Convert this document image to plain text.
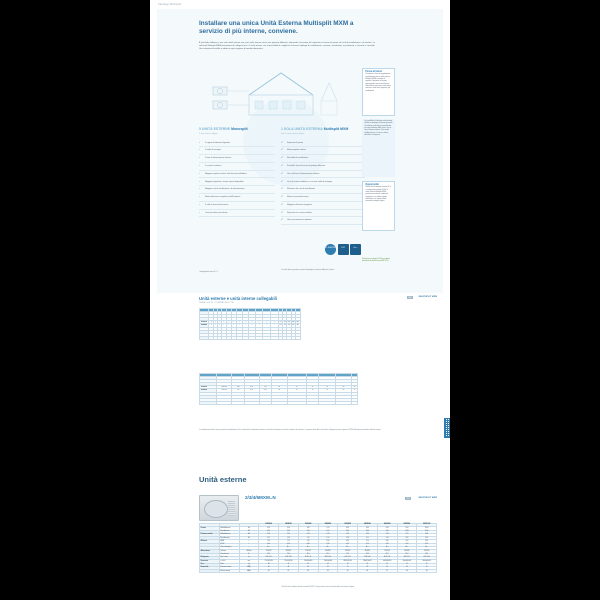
Catalogo Multisplit
Installare una unica Unità Esterna Multisplit MXM a servizio di più interne, conviene.
È possibile abbinare a una sola unità esterna una o più unità interne anche con potenze differenti, ottenendo il massimo del risparmio in termini di spazio, di costi di installazione e di estetica. Le soluzioni Multisplit MXM permettono di collegare fino a 5 unità interne con la possibilità di scegliere tra diverse tipologie di installazione: a parete, canalizzate, a pavimento, a cassetta e consolle. Una soluzione flessibile e adatta a ogni esigenza di comfort domestico.
5 UNITÀ ESTERNE Monosplit
5 unità interne collegate
›	5 coppie di tubazioni frigorifere
›	5 staffe di sostegno
›	5 linee di alimentazione elettrica
›	5 scarichi condensa
›	Maggiore impatto estetico sulla facciata dell'edificio
›	Maggiore ingombro e minore spazio disponibile
›	Maggiori costi di installazione e di manutenzione
›	Minore efficienza complessiva dell'impianto
›	5 volte la rumorosità esterna
›	Consumi elettrici più elevati
1 SOLA UNITÀ ESTERNA Multisplit MXM
fino a 5 unità interne collegate
✔	Risparmio di spazio
✔	Minore impatto estetico
✔	Flessibilità di installazione
✔	Possibilità di unità interne di tipologie differenti
✔	Una sola linea di alimentazione elettrica
✔	Un solo scarico condensa e una sola staffa di sostegno
✔	Riduzione dei costi di installazione
✔	Minore rumorosità esterna
✔	Maggiore efficienza energetica
✔	Risparmio sui consumi elettrici
✔	Unica manutenzione ordinaria
Pensa al futuro
Prevedere in fase di progettazione l'installazione di una unità esterna Multisplit MXM consente di ampliare l'impianto nel tempo, aggiungendo nuove unità interne senza dover intervenire sulle opere murarie e sulle linee frigorifere già predisposte.
La possibilità di collegare unità interne di diversa tipologia e potenza permette di realizzare soluzioni personalizzate per ogni ambiente della casa, con un unico sistema esterno. Una scelta intelligente per chi cerca comfort, efficienza e risparmio.
Opportunità
Grazie alla tecnologia inverter DC e ai refrigeranti ecologici R-32, le unità esterne Multisplit MXM garantiscono elevati rendimenti stagionali e un ridotto impatto ambientale, nel rispetto delle normative europee vigenti.
DC INVERTER	R-32	A+++
Refrigerante ecologico R-32 con ridotto potenziale di effetto serra (GWP 675).
I collegamenti sono 5 x 5.
Le unità interne possono essere di tipologie e potenze differenti tra loro.
Unità esterne e unità interne collegabili
TABELLA DI COMPATIBILITÀ
TAB	MULTISPLIT MXM
MODELLO	n. max	9+9	9+12	12+12	9+9+9	9+9+12	9+12+12	9+9+9+9	9+9+9+12	9+9+12+12	9+9+9+9+9	9+9+9+9+12	kW	kW	EER	COP	Classe
2MXM40N	2	•	•	—	—	—	—	—	—	—	—	—	4,0	4,4	3,70	4,10	A++
2MXM50N	2	•	•	•	—	—	—	—	—	—	—	—	5,0	5,6	3,60	4,00	A++
3MXM40N	3	•	•	•	•	—	—	—	—	—	—	—	4,0	4,4	3,55	3,95	A++
3MXM52N	3	•	•	•	•	•	•	—	—	—	—	—	5,2	6,0	3,50	3,90	A++
3MXM68N	3	•	•	•	•	•	•	—	—	—	—	—	6,8	8,0	3,45	3,85	A++
4MXM68N	4	•	•	•	•	•	•	•	•	•	—	—	6,8	8,0	3,40	3,80	A++
4MXM80N	4	•	•	•	•	•	•	•	•	•	—	—	8,0	9,6	3,35	3,75	A++
5MXM90N	5	•	•	•	•	•	•	•	•	•	•	•	9,0	10,8	3,30	3,70	A++
5MXM100N	5	•	•	•	•	•	•	•	•	•	•	•	10,0	12,0	3,25	3,65	A++
MODELLO UNITÀ ESTERNA	ALIMENTAZIONE V/Ph/Hz	CARICA REFRIG. kg	ATTACCHI LIQUIDO mm	ATTACCHI GAS mm	LUNGHEZZA MAX TOT. m	LUNGHEZZA MAX PER UNITÀ m	DISLIVELLO MAX m	PRESSIONE SONORA dB(A)	POTENZA SONORA dB(A)	PESO kg
2MXM40N	230/1/50	1,10	6,35	9,52	30	20	15	46	60	34
2MXM50N	230/1/50	1,30	6,35	9,52	30	20	15	48	62	35
3MXM40N	230/1/50	1,50	6,35	9,52	45	25	15	49	63	40
3MXM52N	230/1/50	1,60	6,35	9,52	45	25	15	50	64	42
3MXM68N	230/1/50	1,70	6,35	12,70	60	25	15	51	65	52
4MXM68N	230/1/50	2,00	6,35	12,70	70	25	15	52	66	56
4MXM80N	230/1/50	2,35	6,35	15,90	80	25	15	53	67	62
5MXM90N	230/1/50	2,70	9,52	15,90	95	25	15	54	68	74
5MXM100N	230/1/50	2,90	9,52	15,90	100	25	15	55	69	76
Le combinazioni indicate sono puramente esemplificative. Per la verifica delle combinazioni ammesse e dei limiti di potenza consultare il software di selezione. La potenza totale delle unità interne collegate non deve superare il 130% della potenza nominale dell'unità esterna.
Unità esterne
2/3/4/5MXM..N	FIG	MULTISPLIT MXM
			2MXM40N	2MXM50N	3MXM40N	3MXM52N	3MXM68N	4MXM68N	4MXM80N	5MXM90N	5MXM100N
Potenza	Raffreddamento	kW	4,00	5,00	4,00	5,20	6,80	6,80	8,00	9,00	10,00
	Riscaldamento	kW	4,40	5,60	4,40	6,00	8,00	8,00	9,60	10,80	12,00
Potenza assorbita	Raffreddamento	kW	1,08	1,39	1,13	1,49	1,97	2,00	2,39	2,73	3,08
	Riscaldamento	kW	1,07	1,40	1,11	1,54	2,08	2,11	2,56	2,92	3,29
Efficienza	SEER	—	7,40	7,20	7,00	6,90	6,80	6,70	6,60	6,50	6,40
	SCOP	—	4,60	4,50	4,40	4,30	4,20	4,10	4,05	4,00	3,95
	Classe energetica	—	A++	A++	A++	A++	A++	A++	A++	A++	A++
Alimentazione	Tensione	V/Ph/Hz	230/1/50	230/1/50	230/1/50	230/1/50	230/1/50	230/1/50	230/1/50	230/1/50	230/1/50
	Corrente max	A	10,5	13,0	11,0	14,0	17,0	18,0	21,0	24,0	26,0
Refrigerante	Tipo / carica	kg	R-32 1,10	R-32 1,30	R-32 1,50	R-32 1,60	R-32 1,70	R-32 2,00	R-32 2,35	R-32 2,70	R-32 2,90
Dimensioni	L x A x P	mm	770x553x290	770x553x290	790x596x300	790x596x300	883x679x310	883x679x310	940x830x320	990x940x320	990x940x320
Peso	Netto	kg	34	35	40	42	52	56	62	74	76
Rumorosità	Pressione sonora	dB(A)	46	48	49	50	51	52	53	54	55
	Potenza sonora	dB(A)	60	62	63	64	65	66	67	68	69
Dati riferiti alle condizioni nominali secondo EN 14511. I valori possono variare in funzione delle unità interne collegate.
